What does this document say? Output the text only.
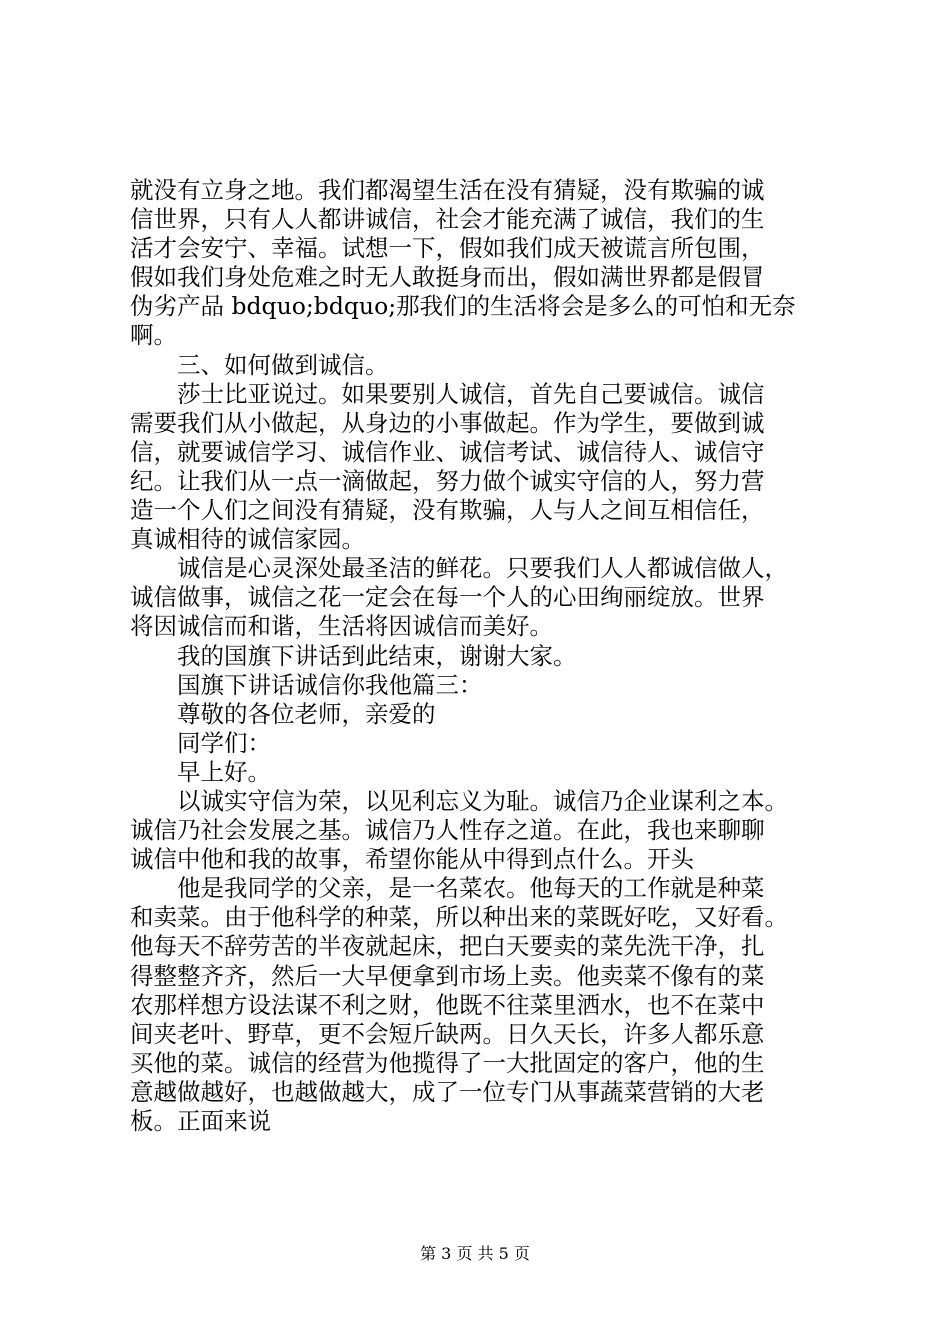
就没有立身之地。我们都渴望生活在没有猜疑，没有欺骗的诚
信世界，只有人人都讲诚信，社会才能充满了诚信，我们的生
活才会安宁、幸福。试想一下，假如我们成天被谎言所包围，
假如我们身处危难之时无人敢挺身而出，假如满世界都是假冒
伪劣产品 bdquo;bdquo;那我们的生活将会是多么的可怕和无奈
啊。
三、如何做到诚信。
莎士比亚说过。如果要别人诚信，首先自己要诚信。诚信
需要我们从小做起，从身边的小事做起。作为学生，要做到诚
信，就要诚信学习、诚信作业、诚信考试、诚信待人、诚信守
纪。让我们从一点一滴做起，努力做个诚实守信的人，努力营
造一个人们之间没有猜疑，没有欺骗，人与人之间互相信任，
真诚相待的诚信家园。
诚信是心灵深处最圣洁的鲜花。只要我们人人都诚信做人，
诚信做事，诚信之花一定会在每一个人的心田绚丽绽放。世界
将因诚信而和谐，生活将因诚信而美好。
我的国旗下讲话到此结束，谢谢大家。
国旗下讲话诚信你我他篇三：
尊敬的各位老师，亲爱的
同学们：
早上好。
以诚实守信为荣，以见利忘义为耻。诚信乃企业谋利之本。
诚信乃社会发展之基。诚信乃人性存之道。在此，我也来聊聊
诚信中他和我的故事，希望你能从中得到点什么。开头
他是我同学的父亲，是一名菜农。他每天的工作就是种菜
和卖菜。由于他科学的种菜，所以种出来的菜既好吃，又好看。
他每天不辞劳苦的半夜就起床，把白天要卖的菜先洗干净，扎
得整整齐齐，然后一大早便拿到市场上卖。他卖菜不像有的菜
农那样想方设法谋不利之财，他既不往菜里洒水，也不在菜中
间夹老叶、野草，更不会短斤缺两。日久天长，许多人都乐意
买他的菜。诚信的经营为他揽得了一大批固定的客户，他的生
意越做越好，也越做越大，成了一位专门从事蔬菜营销的大老
板。正面来说
第 3 页 共 5 页
